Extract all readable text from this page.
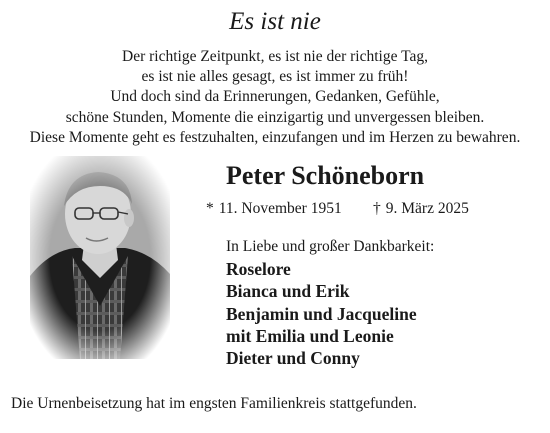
Es ist nie
Der richtige Zeitpunkt, es ist nie der richtige Tag,
es ist nie alles gesagt, es ist immer zu früh!
Und doch sind da Erinnerungen, Gedanken, Gefühle,
schöne Stunden, Momente die einzigartig und unvergessen bleiben.
Diese Momente geht es festzuhalten, einzufangen und im Herzen zu bewahren.
Peter Schöneborn
* 11. November 1951 † 9. März 2025
In Liebe und großer Dankbarkeit:
Roselore
Bianca und Erik
Benjamin und Jacqueline
mit Emilia und Leonie
Dieter und Conny
Die Urnenbeisetzung hat im engsten Familienkreis stattgefunden.
